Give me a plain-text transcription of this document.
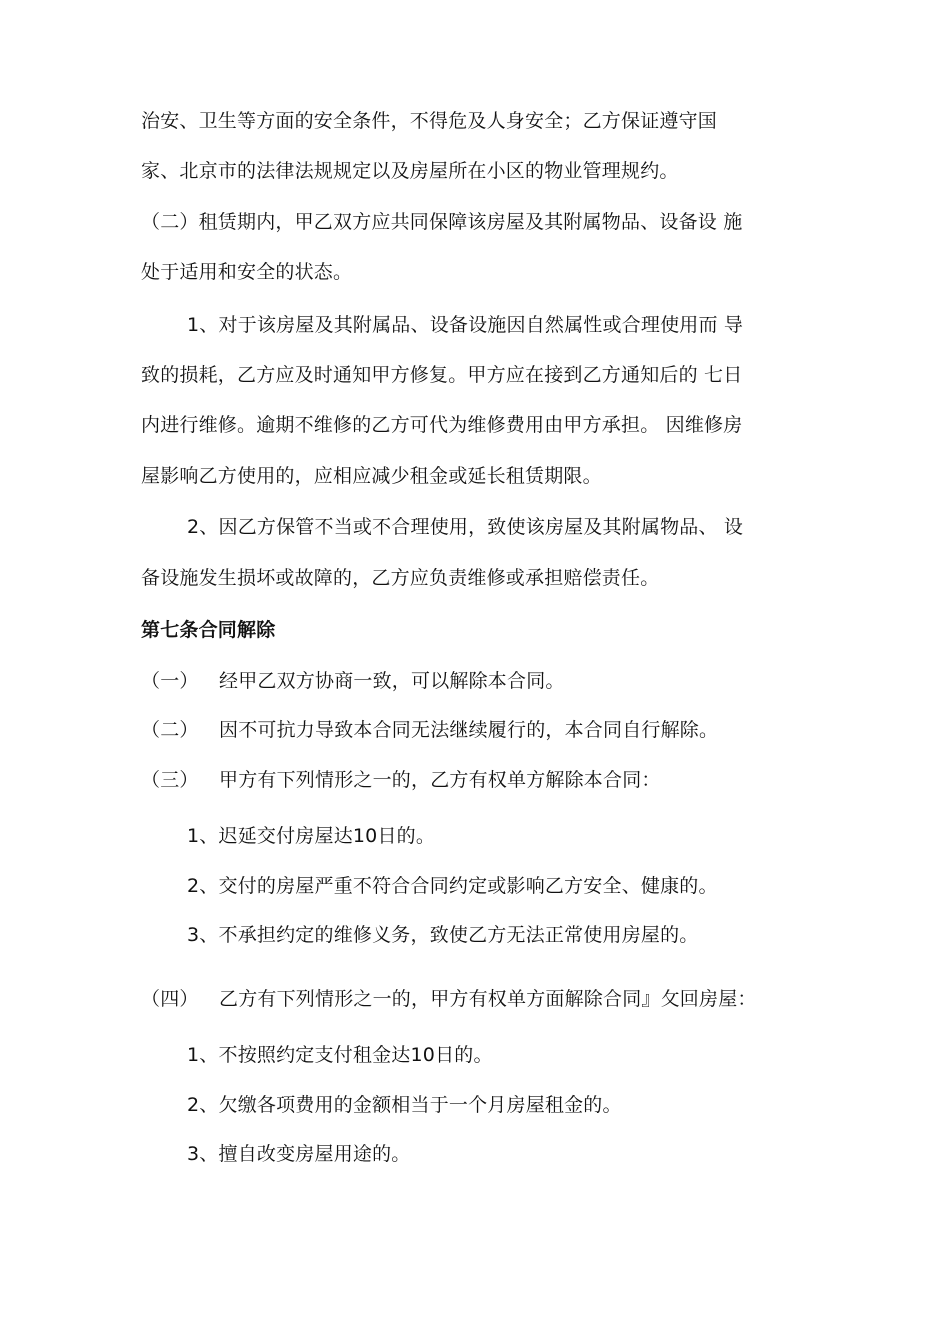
治安、卫生等方面的安全条件，不得危及人身安全；乙方保证遵守国
家、北京市的法律法规规定以及房屋所在小区的物业管理规约。
（二）租赁期内，甲乙双方应共同保障该房屋及其附属物品、设备设 施
处于适用和安全的状态。
1、对于该房屋及其附属品、设备设施因自然属性或合理使用而 导
致的损耗，乙方应及时通知甲方修复。甲方应在接到乙方通知后的 七日
内进行维修。逾期不维修的乙方可代为维修费用由甲方承担。 因维修房
屋影响乙方使用的，应相应减少租金或延长租赁期限。
2、因乙方保管不当或不合理使用，致使该房屋及其附属物品、 设
备设施发生损坏或故障的，乙方应负责维修或承担赔偿责任。
第七条合同解除
（一） 经甲乙双方协商一致，可以解除本合同。
（二） 因不可抗力导致本合同无法继续履行的，本合同自行解除。
（三） 甲方有下列情形之一的，乙方有权单方解除本合同：
1、迟延交付房屋达10日的。
2、交付的房屋严重不符合合同约定或影响乙方安全、健康的。
3、不承担约定的维修义务，致使乙方无法正常使用房屋的。
（四） 乙方有下列情形之一的，甲方有权单方面解除合同』攵回房屋：
1、不按照约定支付租金达10日的。
2、欠缴各项费用的金额相当于一个月房屋租金的。
3、擅自改变房屋用途的。
